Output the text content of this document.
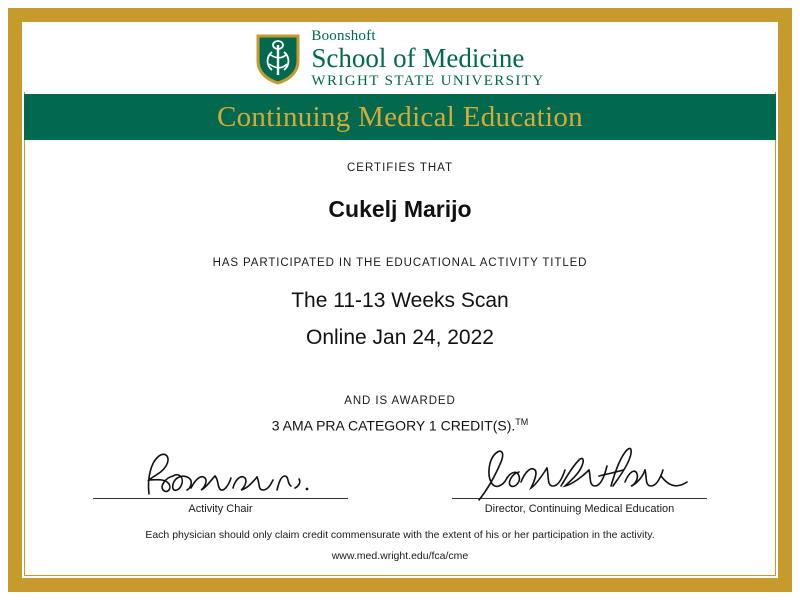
Boonshoft
School of Medicine
WRIGHT STATE UNIVERSITY
Continuing Medical Education
CERTIFIES THAT
Cukelj Marijo
HAS PARTICIPATED IN THE EDUCATIONAL ACTIVITY TITLED
The 11-13 Weeks Scan
Online Jan 24, 2022
AND IS AWARDED
3 AMA PRA CATEGORY 1 CREDIT(S).™
Activity Chair	Director, Continuing Medical Education
Each physician should only claim credit commensurate with the extent of his or her participation in the activity.
www.med.wright.edu/fca/cme
